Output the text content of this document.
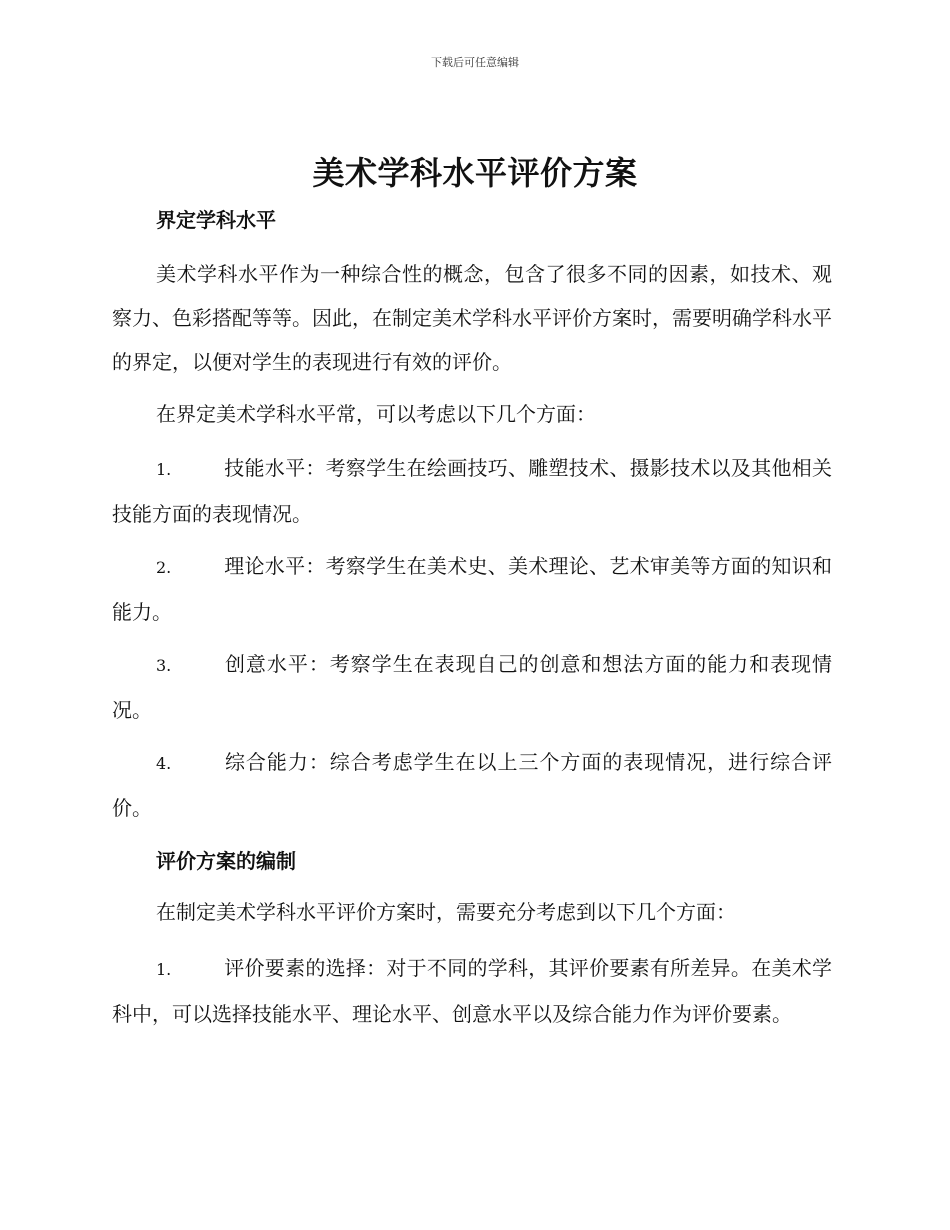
下载后可任意编辑
美术学科水平评价方案
界定学科水平

美术学科水平作为一种综合性的概念，包含了很多不同的因素，如技术、观察力、色彩搭配等等。因此，在制定美术学科水平评价方案时，需要明确学科水平的界定，以便对学生的表现进行有效的评价。

在界定美术学科水平常，可以考虑以下几个方面：

1.	技能水平：考察学生在绘画技巧、雕塑技术、摄影技术以及其他相关技能方面的表现情况。

2.	理论水平：考察学生在美术史、美术理论、艺术审美等方面的知识和能力。

3.	创意水平：考察学生在表现自己的创意和想法方面的能力和表现情况。

4.	综合能力：综合考虑学生在以上三个方面的表现情况，进行综合评价。

评价方案的编制

在制定美术学科水平评价方案时，需要充分考虑到以下几个方面：

1.	评价要素的选择：对于不同的学科，其评价要素有所差异。在美术学科中，可以选择技能水平、理论水平、创意水平以及综合能力作为评价要素。
